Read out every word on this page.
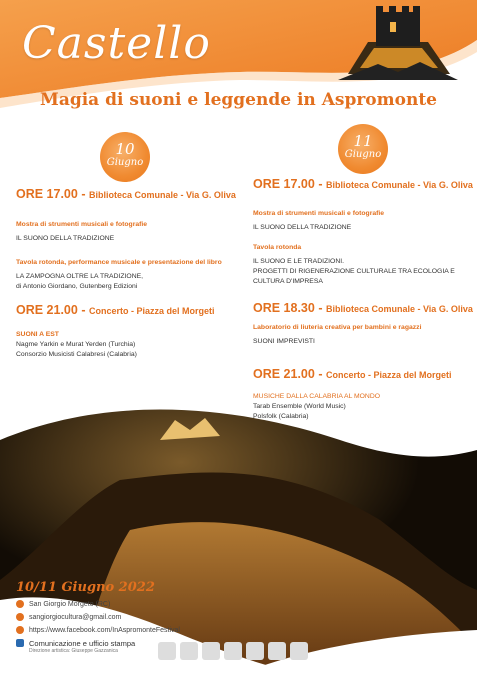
Castello
Magia di suoni e leggende in Aspromonte
10
Giugno
11
Giugno
ORE 17.00 - Biblioteca Comunale - Via G. Oliva
Mostra di strumenti musicali e fotografie
IL SUONO DELLA TRADIZIONE
Tavola rotonda, performance musicale e presentazione del libro
LA ZAMPOGNA OLTRE LA TRADIZIONE,
di Antonio Giordano, Gutenberg Edizioni
ORE 21.00 - Concerto - Piazza del Morgeti
SUONI A EST
Nagme Yarkin e Murat Yerden (Turchia)
Consorzio Musicisti Calabresi (Calabria)
ORE 17.00 - Biblioteca Comunale - Via G. Oliva
Mostra di strumenti musicali e fotografie
IL SUONO DELLA TRADIZIONE
Tavola rotonda
IL SUONO E LE TRADIZIONI.
PROGETTI DI RIGENERAZIONE CULTURALE TRA ECOLOGIA E
CULTURA D'IMPRESA
ORE 18.30 - Biblioteca Comunale - Via G. Oliva
Laboratorio di liuteria creativa per bambini e ragazzi
SUONI IMPREVISTI
ORE 21.00 - Concerto - Piazza del Morgeti
MUSICHE DALLA CALABRIA AL MONDO
Tarab Ensemble (World Music)
Polsfolk (Calabria)
10/11 Giugno 2022
San Giorgio Morgeto (RC)
sangiorgiocultura@gmail.com
https://www.facebook.com/InAspromonteFestival
Comunicazione e ufficio stampa
Direzione artistica: Giuseppe Gazzanica
